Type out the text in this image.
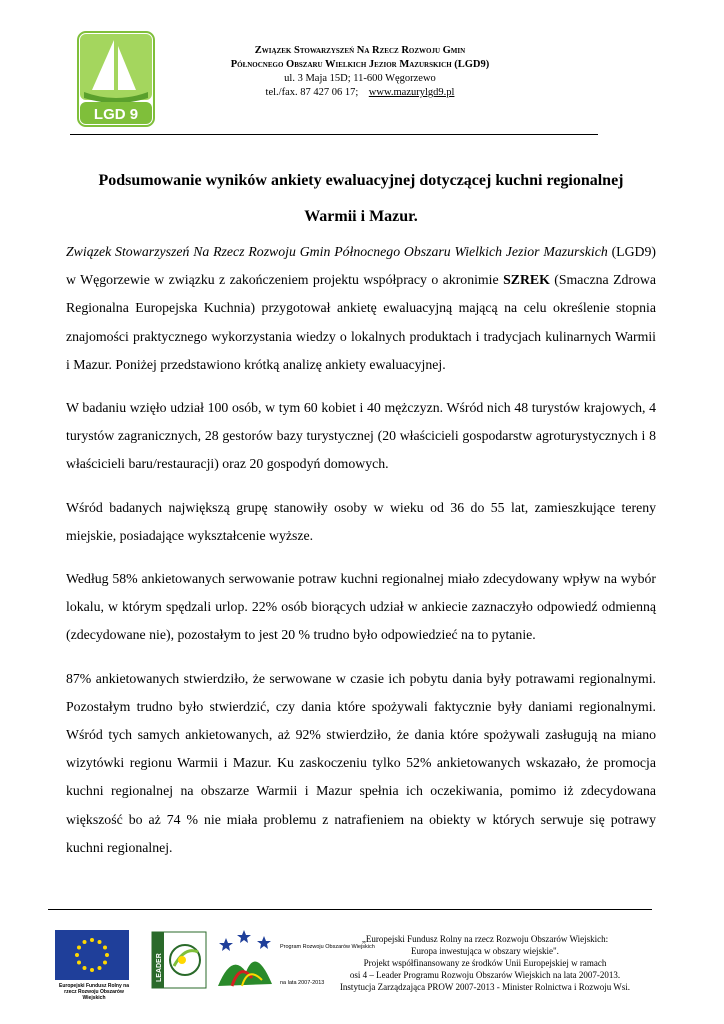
LGD 9
Związek Stowarzyszeń Na Rzecz Rozwoju Gmin
Północnego Obszaru Wielkich Jezior Mazurskich (LGD9)
ul. 3 Maja 15D; 11-600 Węgorzewo
tel./fax. 87 427 06 17; www.mazurylgd9.pl
Podsumowanie wyników ankiety ewaluacyjnej dotyczącej kuchni regionalnej
Warmii i Mazur.

Związek Stowarzyszeń Na Rzecz Rozwoju Gmin Północnego Obszaru Wielkich Jezior Mazurskich (LGD9) w Węgorzewie w związku z zakończeniem projektu współpracy o akronimie SZREK (Smaczna Zdrowa Regionalna Europejska Kuchnia) przygotował ankietę ewaluacyjną mającą na celu określenie stopnia znajomości praktycznego wykorzystania wiedzy o lokalnych produktach i tradycjach kulinarnych Warmii i Mazur. Poniżej przedstawiono krótką analizę ankiety ewaluacyjnej.

W badaniu wzięło udział 100 osób, w tym 60 kobiet i 40 mężczyzn. Wśród nich 48 turystów krajowych, 4 turystów zagranicznych, 28 gestorów bazy turystycznej (20 właścicieli gospodarstw agroturystycznych i 8 właścicieli baru/restauracji) oraz 20 gospodyń domowych.

Wśród badanych największą grupę stanowiły osoby w wieku od 36 do 55 lat, zamieszkujące tereny miejskie, posiadające wykształcenie wyższe.

Według 58% ankietowanych serwowanie potraw kuchni regionalnej miało zdecydowany wpływ na wybór lokalu, w którym spędzali urlop. 22% osób biorących udział w ankiecie zaznaczyło odpowiedź odmienną (zdecydowane nie), pozostałym to jest 20 % trudno było odpowiedzieć na to pytanie.

87% ankietowanych stwierdziło, że serwowane w czasie ich pobytu dania były potrawami regionalnymi. Pozostałym trudno było stwierdzić, czy dania które spożywali faktycznie były daniami regionalnymi. Wśród tych samych ankietowanych, aż 92% stwierdziło, że dania które spożywali zasługują na miano wizytówki regionu Warmii i Mazur. Ku zaskoczeniu tylko 52% ankietowanych wskazało, że promocja kuchni regionalnej na obszarze Warmii i Mazur spełnia ich oczekiwania, pomimo iż zdecydowana większość bo aż 74 % nie miała problemu z natrafieniem na obiekty w których serwuje się potrawy kuchni regionalnej.

Europejski Fundusz Rolny na rzecz Rozwoju Obszarów Wiejskich
LEADER
Program Rozwoju Obszarów Wiejskich
na lata 2007-2013
„Europejski Fundusz Rolny na rzecz Rozwoju Obszarów Wiejskich:
Europa inwestująca w obszary wiejskie".
Projekt współfinansowany ze środków Unii Europejskiej w ramach
osi 4 – Leader Programu Rozwoju Obszarów Wiejskich na lata 2007-2013.
Instytucja Zarządzająca PROW 2007-2013 - Minister Rolnictwa i Rozwoju Wsi.
